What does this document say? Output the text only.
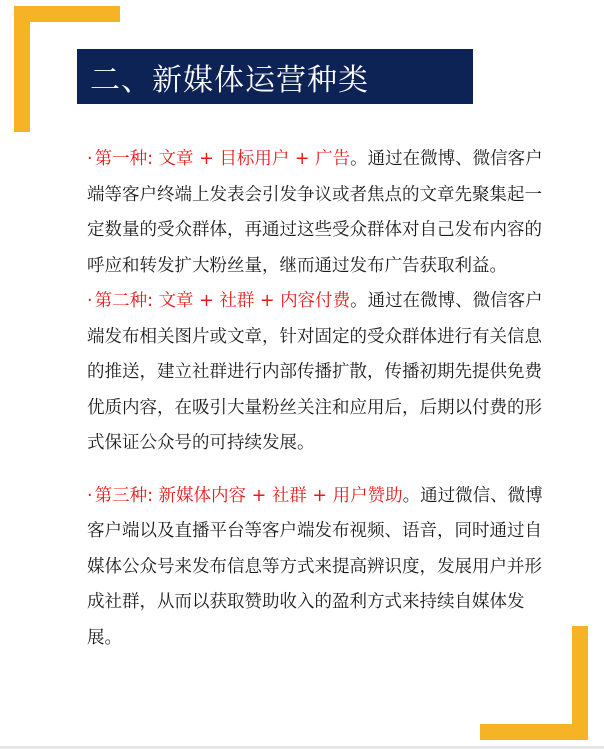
二、新媒体运营种类

· 第一种: 文章 + 目标用户 + 广告。通过在微博、微信客户端等客户终端上发表会引发争议或者焦点的文章先聚集起一定数量的受众群体，再通过这些受众群体对自己发布内容的呼应和转发扩大粉丝量，继而通过发布广告获取利益。

· 第二种: 文章 + 社群 + 内容付费。通过在微博、微信客户端发布相关图片或文章，针对固定的受众群体进行有关信息的推送，建立社群进行内部传播扩散，传播初期先提供免费优质内容，在吸引大量粉丝关注和应用后，后期以付费的形式保证公众号的可持续发展。

· 第三种: 新媒体内容 + 社群 + 用户赞助。通过微信、微博客户端以及直播平台等客户端发布视频、语音，同时通过自媒体公众号来发布信息等方式来提高辨识度，发展用户并形成社群，从而以获取赞助收入的盈利方式来持续自媒体发展。
